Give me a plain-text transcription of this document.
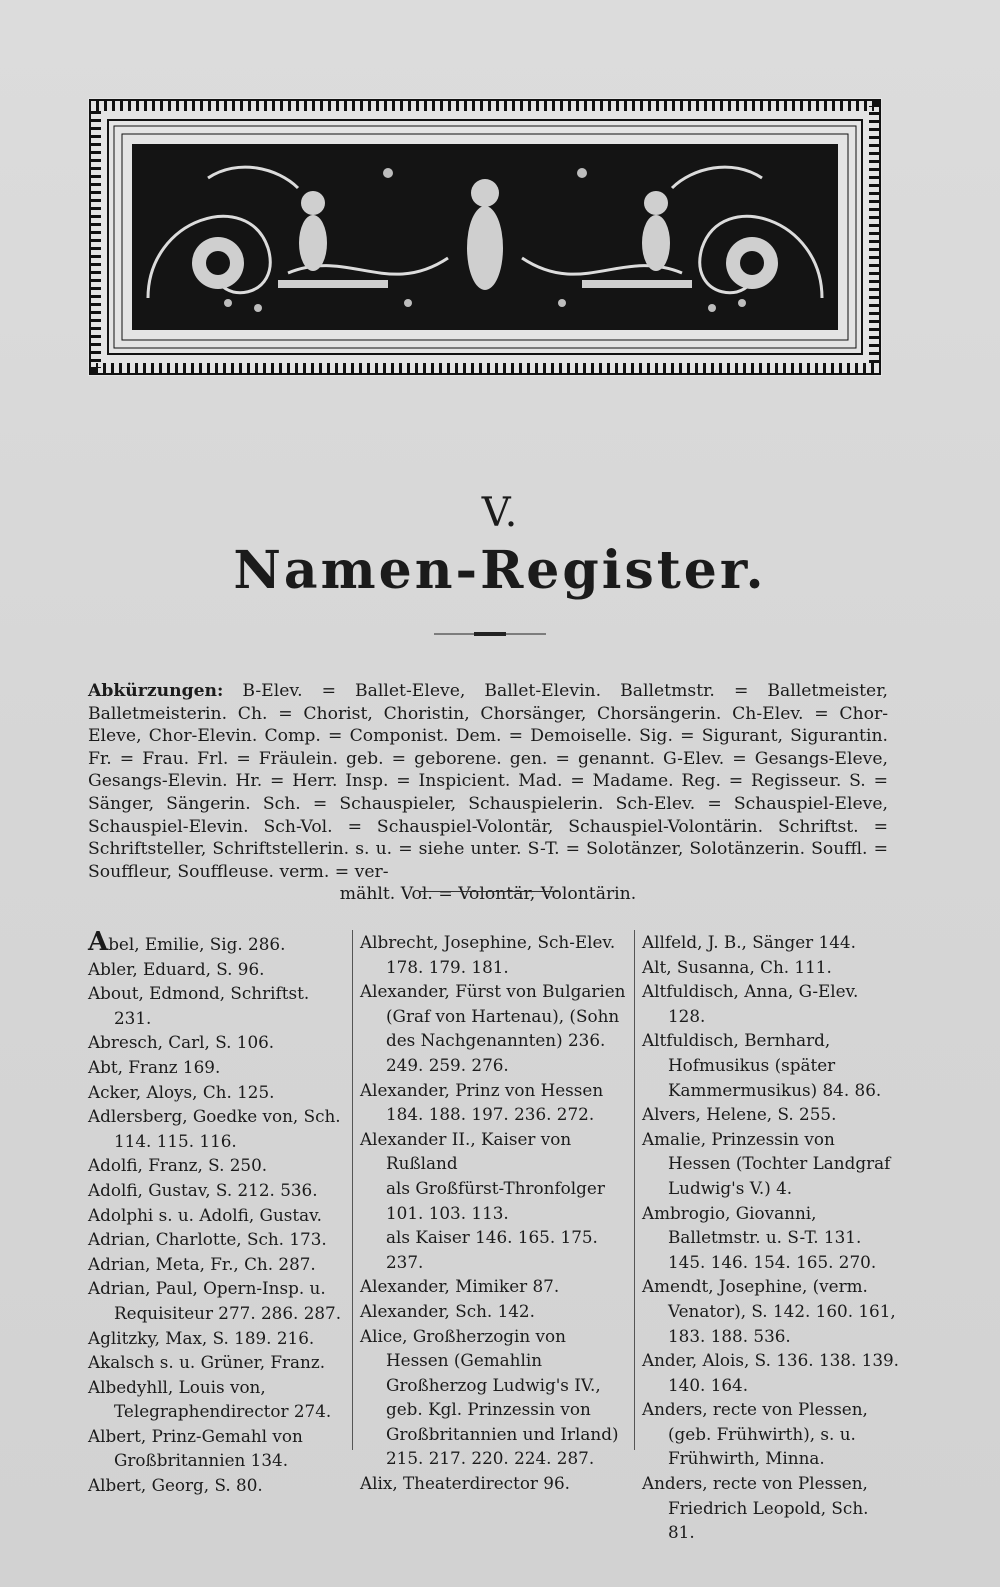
V.
Namen-Register.
Abkürzungen: B-Elev. = Ballet-Eleve, Ballet-Elevin. Balletmstr. = Balletmeister, Balletmeisterin. Ch. = Chorist, Choristin, Chorsänger, Chorsängerin. Ch-Elev. = Chor-Eleve, Chor-Elevin. Comp. = Componist. Dem. = Demoiselle. Sig. = Sigurant, Sigurantin. Fr. = Frau. Frl. = Fräulein. geb. = geborene. gen. = genannt. G-Elev. = Gesangs-Eleve, Gesangs-Elevin. Hr. = Herr. Insp. = Inspicient. Mad. = Madame. Reg. = Regisseur. S. = Sänger, Sängerin. Sch. = Schauspieler, Schauspielerin. Sch-Elev. = Schauspiel-Eleve, Schauspiel-Elevin. Sch-Vol. = Schauspiel-Volontär, Schauspiel-Volontärin. Schriftst. = Schriftsteller, Schriftstellerin. s. u. = siehe unter. S-T. = Solotänzer, Solotänzerin. Souffl. = Souffleur, Souffleuse. verm. = ver-
mählt. Vol. = Volontär, Volontärin.
Abel, Emilie, Sig. 286.
Abler, Eduard, S. 96.
About, Edmond, Schriftst. 231.
Abresch, Carl, S. 106.
Abt, Franz 169.
Acker, Aloys, Ch. 125.
Adlersberg, Goedke von, Sch. 114. 115. 116.
Adolfi, Franz, S. 250.
Adolfi, Gustav, S. 212. 536.
Adolphi s. u. Adolfi, Gustav.
Adrian, Charlotte, Sch. 173.
Adrian, Meta, Fr., Ch. 287.
Adrian, Paul, Opern-Insp. u. Requisiteur 277. 286. 287.
Aglitzky, Max, S. 189. 216.
Akalsch s. u. Grüner, Franz.
Albedyhll, Louis von, Telegraphendirector 274.
Albert, Prinz-Gemahl von Großbritannien 134.
Albert, Georg, S. 80.
Albrecht, Josephine, Sch-Elev. 178. 179. 181.
Alexander, Fürst von Bulgarien (Graf von Hartenau), (Sohn des Nachgenannten) 236. 249. 259. 276.
Alexander, Prinz von Hessen 184. 188. 197. 236. 272.
Alexander II., Kaiser von Rußland
als Großfürst-Thronfolger 101. 103. 113.
als Kaiser 146. 165. 175. 237.
Alexander, Mimiker 87.
Alexander, Sch. 142.
Alice, Großherzogin von Hessen (Gemahlin Großherzog Ludwig's IV., geb. Kgl. Prinzessin von Großbritannien und Irland) 215. 217. 220. 224. 287.
Alix, Theaterdirector 96.
Allfeld, J. B., Sänger 144.
Alt, Susanna, Ch. 111.
Altfuldisch, Anna, G-Elev. 128.
Altfuldisch, Bernhard, Hofmusikus (später Kammermusikus) 84. 86.
Alvers, Helene, S. 255.
Amalie, Prinzessin von Hessen (Tochter Landgraf Ludwig's V.) 4.
Ambrogio, Giovanni, Balletmstr. u. S-T. 131. 145. 146. 154. 165. 270.
Amendt, Josephine, (verm. Venator), S. 142. 160. 161, 183. 188. 536.
Ander, Alois, S. 136. 138. 139. 140. 164.
Anders, recte von Plessen, (geb. Frühwirth), s. u. Frühwirth, Minna.
Anders, recte von Plessen, Friedrich Leopold, Sch. 81.
